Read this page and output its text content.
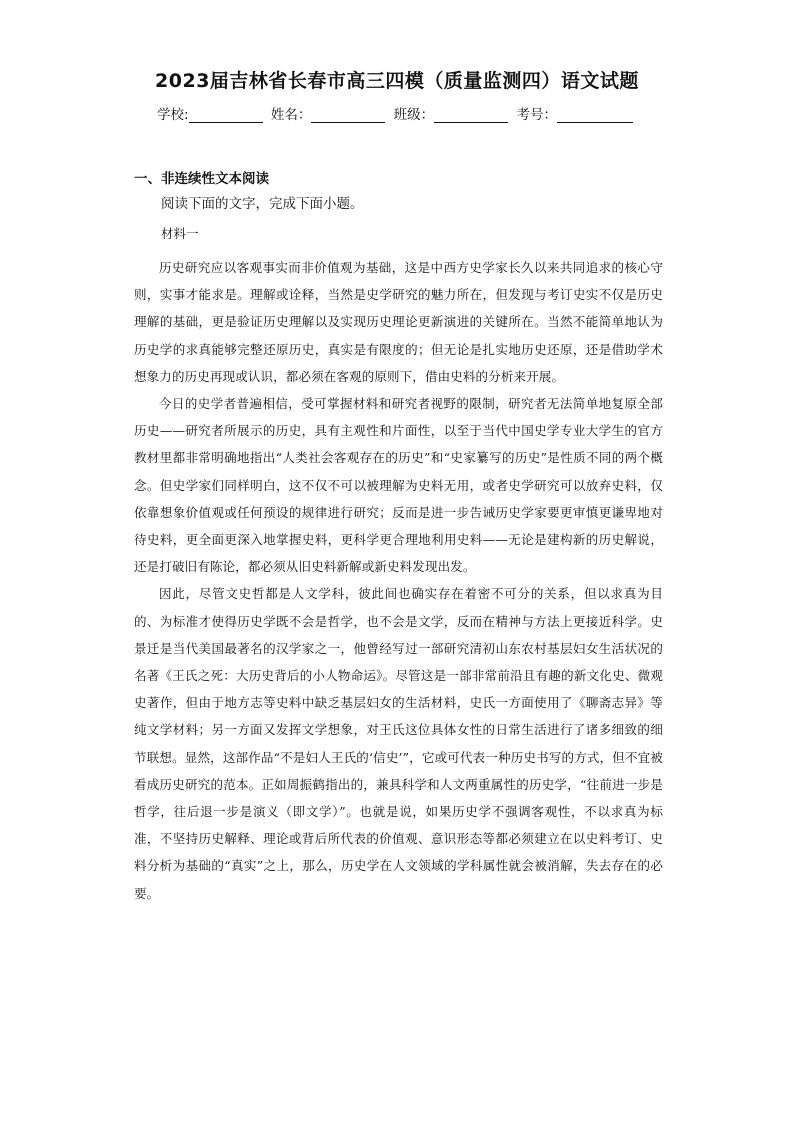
2023届吉林省长春市高三四模（质量监测四）语文试题
学校:	姓名：	班级：	考号：
一、非连续性文本阅读
阅读下面的文字，完成下面小题。
材料一

历史研究应以客观事实而非价值观为基础，这是中西方史学家长久以来共同追求的核心守则，实事才能求是。理解或诠释，当然是史学研究的魅力所在，但发现与考订史实不仅是历史理解的基础，更是验证历史理解以及实现历史理论更新演进的关键所在。当然不能简单地认为历史学的求真能够完整还原历史，真实是有限度的；但无论是扎实地历史还原，还是借助学术想象力的历史再现或认识，都必须在客观的原则下，借由史料的分析来开展。

今日的史学者普遍相信，受可掌握材料和研究者视野的限制，研究者无法简单地复原全部历史——研究者所展示的历史，具有主观性和片面性，以至于当代中国史学专业大学生的官方教材里都非常明确地指出“人类社会客观存在的历史”和“史家纂写的历史”是性质不同的两个概念。但史学家们同样明白，这不仅不可以被理解为史料无用，或者史学研究可以放弃史料，仅依靠想象价值观或任何预设的规律进行研究；反而是进一步告诫历史学家要更审慎更谦卑地对待史料，更全面更深入地掌握史料，更科学更合理地利用史料——无论是建构新的历史解说，还是打破旧有陈论，都必须从旧史料新解或新史料发现出发。

因此，尽管文史哲都是人文学科，彼此间也确实存在着密不可分的关系，但以求真为目的、为标准才使得历史学既不会是哲学，也不会是文学，反而在精神与方法上更接近科学。史景迁是当代美国最著名的汉学家之一，他曾经写过一部研究清初山东农村基层妇女生活状况的名著《王氏之死：大历史背后的小人物命运》。尽管这是一部非常前沿且有趣的新文化史、微观史著作，但由于地方志等史料中缺乏基层妇女的生活材料，史氏一方面使用了《聊斋志异》等纯文学材料；另一方面又发挥文学想象，对王氏这位具体女性的日常生活进行了诸多细致的细节联想。显然，这部作品“不是妇人王氏的‘信史’”，它或可代表一种历史书写的方式，但不宜被看成历史研究的范本。正如周振鹤指出的，兼具科学和人文两重属性的历史学，“往前进一步是哲学，往后退一步是演义（即文学）”。也就是说，如果历史学不强调客观性，不以求真为标准，不坚持历史解释、理论或背后所代表的价值观、意识形态等都必须建立在以史料考订、史料分析为基础的“真实”之上，那么，历史学在人文领域的学科属性就会被消解，失去存在的必要。
